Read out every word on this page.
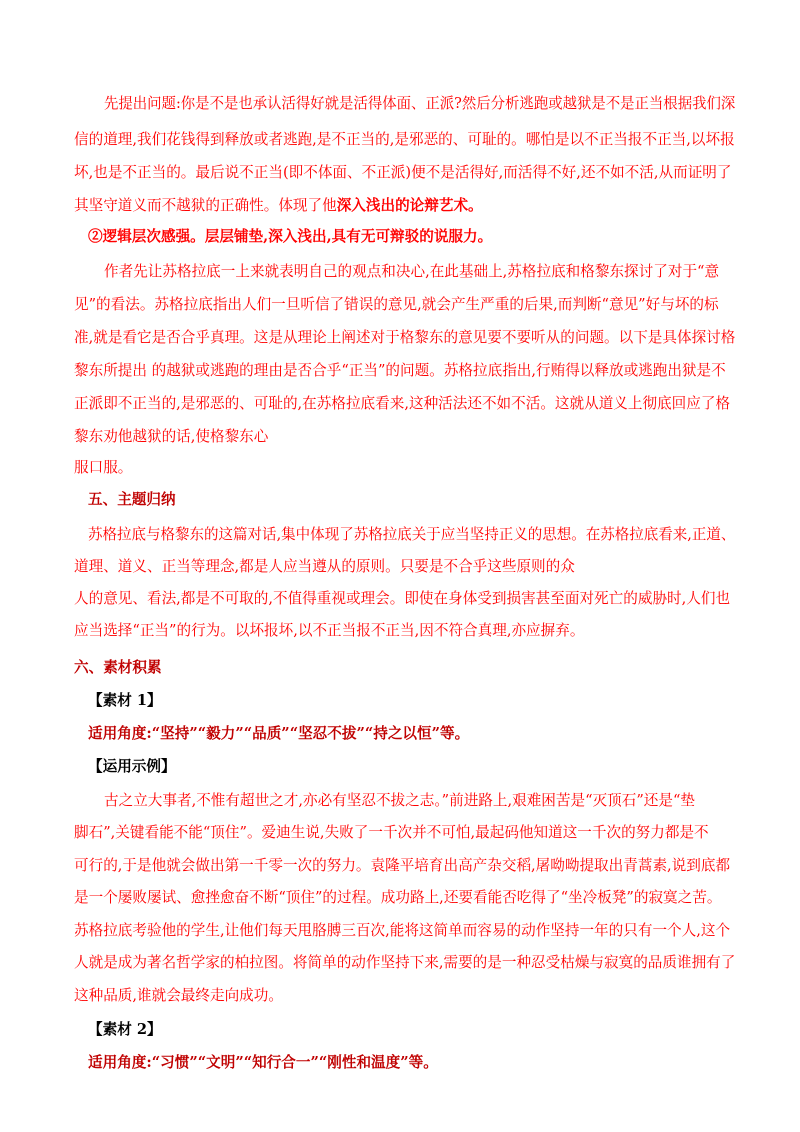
先提出问题:你是不是也承认活得好就是活得体面、正派?然后分析逃跑或越狱是不是正当根据我们深
信的道理,我们花钱得到释放或者逃跑,是不正当的,是邪恶的、可耻的。哪怕是以不正当报不正当,以坏报
坏,也是不正当的。最后说不正当(即不体面、不正派)便不是活得好,而活得不好,还不如不活,从而证明了
其坚守道义而不越狱的正确性。体现了他深入浅出的论辩艺术。
②逻辑层次感强。层层铺垫,深入浅出,具有无可辩驳的说服力。
作者先让苏格拉底一上来就表明自己的观点和决心,在此基础上,苏格拉底和格黎东探讨了对于“意
见”的看法。苏格拉底指出人们一旦听信了错误的意见,就会产生严重的后果,而判断“意见”好与坏的标
准,就是看它是否合乎真理。这是从理论上阐述对于格黎东的意见要不要听从的问题。以下是具体探讨格
黎东所提出 的越狱或逃跑的理由是否合乎“正当”的问题。苏格拉底指出,行贿得以释放或逃跑出狱是不
正派即不正当的,是邪恶的、可耻的,在苏格拉底看来,这种活法还不如不活。这就从道义上彻底回应了格
黎东劝他越狱的话,使格黎东心
服口服。
五、主题归纳
苏格拉底与格黎东的这篇对话,集中体现了苏格拉底关于应当坚持正义的思想。在苏格拉底看来,正道、
道理、道义、正当等理念,都是人应当遵从的原则。只要是不合乎这些原则的众
人的意见、看法,都是不可取的,不值得重视或理会。即使在身体受到损害甚至面对死亡的威胁时,人们也
应当选择“正当”的行为。以坏报坏,以不正当报不正当,因不符合真理,亦应摒弃。
六、素材积累
【素材 1】
适用角度:“坚持”“毅力”“品质”“坚忍不拔”“持之以恒”等。
【运用示例】
古之立大事者,不惟有超世之才,亦必有坚忍不拔之志。”前进路上,艰难困苦是“灭顶石”还是“垫
脚石”,关键看能不能“顶住”。爱迪生说,失败了一千次并不可怕,最起码他知道这一千次的努力都是不
可行的,于是他就会做出第一千零一次的努力。袁隆平培育出高产杂交稻,屠呦呦提取出青蒿素,说到底都
是一个屡败屡试、愈挫愈奋不断“顶住”的过程。成功路上,还要看能否吃得了“坐冷板凳”的寂寞之苦。
苏格拉底考验他的学生,让他们每天甩胳膊三百次,能将这简单而容易的动作坚持一年的只有一个人,这个
人就是成为著名哲学家的柏拉图。将简单的动作坚持下来,需要的是一种忍受枯燥与寂寞的品质谁拥有了
这种品质,谁就会最终走向成功。
【素材 2】
适用角度:“习惯”“文明”“知行合一”“刚性和温度”等。
